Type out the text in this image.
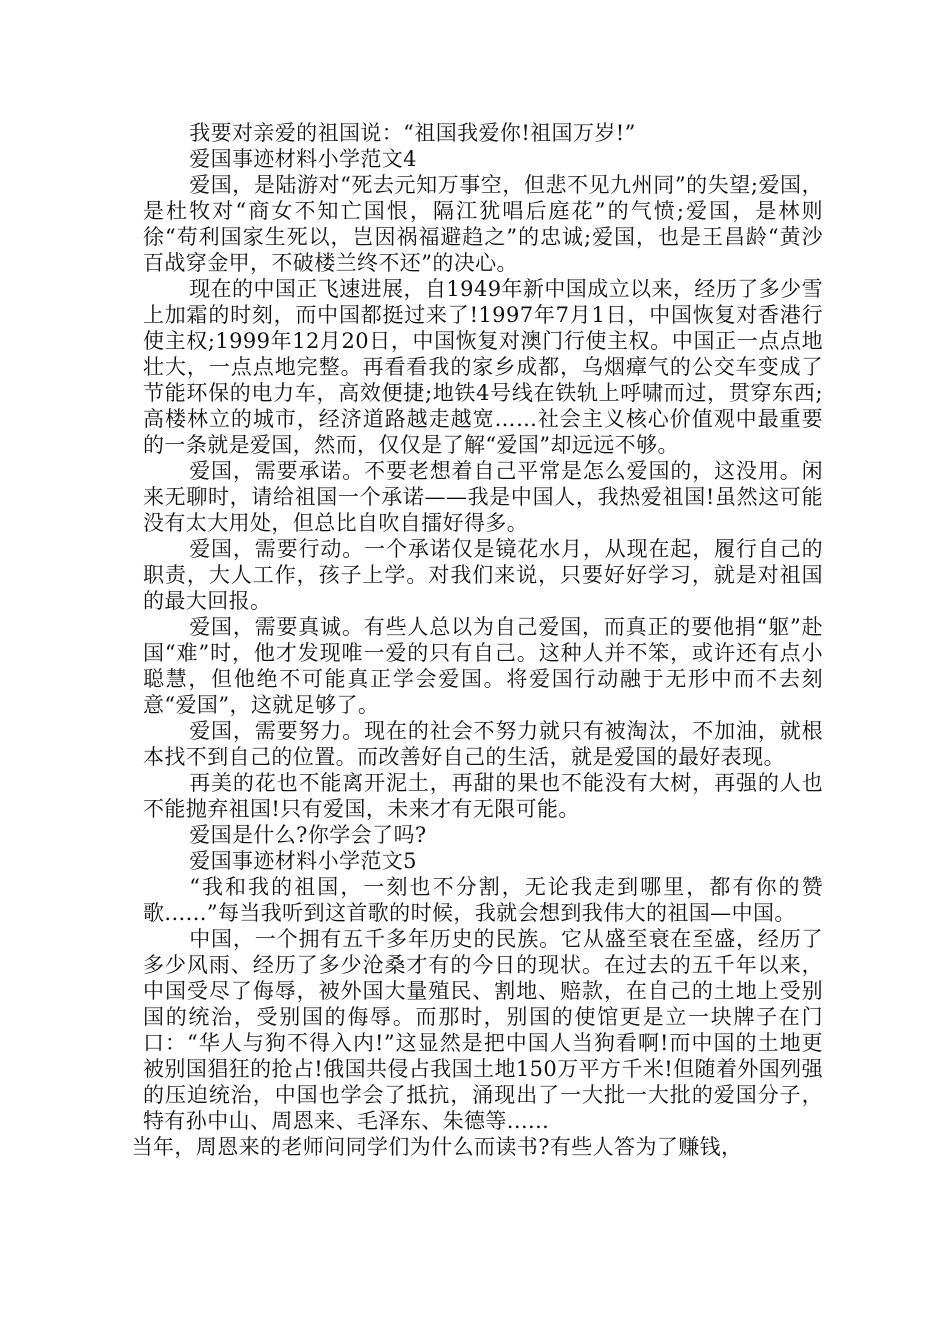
我要对亲爱的祖国说：“祖国我爱你!祖国万岁!”

爱国事迹材料小学范文4

爱国，是陆游对“死去元知万事空，但悲不见九州同”的失望;爱国，是杜牧对“商女不知亡国恨，隔江犹唱后庭花”的气愤;爱国，是林则徐“苟利国家生死以，岂因祸福避趋之”的忠诚;爱国，也是王昌龄“黄沙百战穿金甲，不破楼兰终不还”的决心。

现在的中国正飞速进展，自1949年新中国成立以来，经历了多少雪上加霜的时刻，而中国都挺过来了!1997年7月1日，中国恢复对香港行使主权;1999年12月20日，中国恢复对澳门行使主权。中国正一点点地壮大，一点点地完整。再看看我的家乡成都，乌烟瘴气的公交车变成了节能环保的电力车，高效便捷;地铁4号线在铁轨上呼啸而过，贯穿东西;高楼林立的城市，经济道路越走越宽……社会主义核心价值观中最重要的一条就是爱国，然而，仅仅是了解“爱国”却远远不够。

爱国，需要承诺。不要老想着自己平常是怎么爱国的，这没用。闲来无聊时，请给祖国一个承诺——我是中国人，我热爱祖国!虽然这可能没有太大用处，但总比自吹自擂好得多。

爱国，需要行动。一个承诺仅是镜花水月，从现在起，履行自己的职责，大人工作，孩子上学。对我们来说，只要好好学习，就是对祖国的最大回报。

爱国，需要真诚。有些人总以为自己爱国，而真正的要他捐“躯”赴国“难”时，他才发现唯一爱的只有自己。这种人并不笨，或许还有点小聪慧，但他绝不可能真正学会爱国。将爱国行动融于无形中而不去刻意“爱国”，这就足够了。

爱国，需要努力。现在的社会不努力就只有被淘汰，不加油，就根本找不到自己的位置。而改善好自己的生活，就是爱国的最好表现。

再美的花也不能离开泥土，再甜的果也不能没有大树，再强的人也不能抛弃祖国!只有爱国，未来才有无限可能。

爱国是什么?你学会了吗?

爱国事迹材料小学范文5

“我和我的祖国，一刻也不分割，无论我走到哪里，都有你的赞歌......”每当我听到这首歌的时候，我就会想到我伟大的祖国—中国。

中国，一个拥有五千多年历史的民族。它从盛至衰在至盛，经历了多少风雨、经历了多少沧桑才有的今日的现状。在过去的五千年以来，中国受尽了侮辱，被外国大量殖民、割地、赔款，在自己的土地上受别国的统治，受别国的侮辱。而那时，别国的使馆更是立一块牌子在门口：“华人与狗不得入内!”这显然是把中国人当狗看啊!而中国的土地更被别国猖狂的抢占!俄国共侵占我国土地150万平方千米!但随着外国列强的压迫统治，中国也学会了抵抗，涌现出了一大批一大批的爱国分子，特有孙中山、周恩来、毛泽东、朱德等......

当年，周恩来的老师问同学们为什么而读书?有些人答为了赚钱，
